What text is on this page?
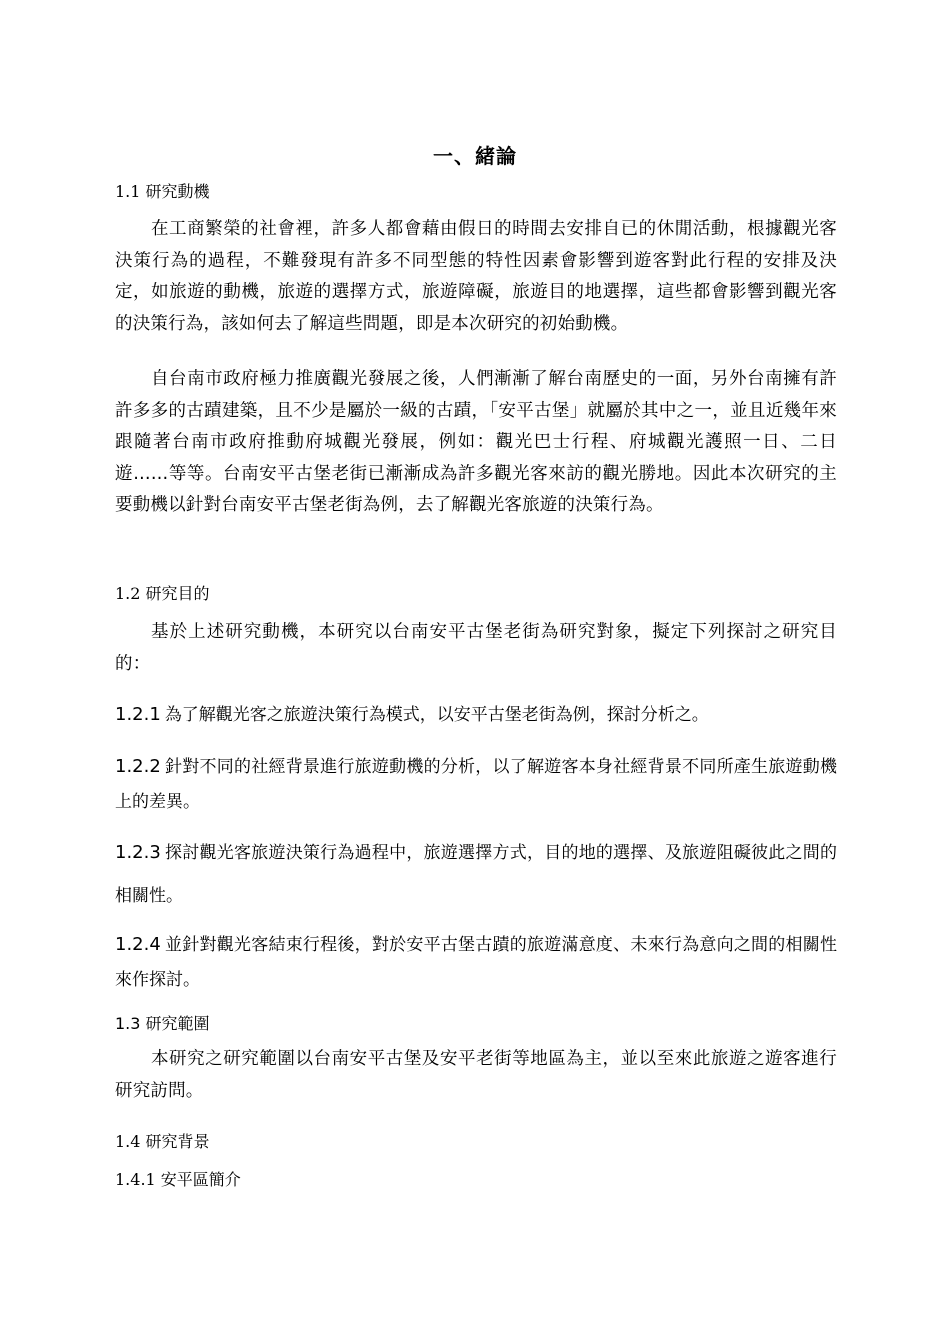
一、緒論
1.1 研究動機

在工商繁榮的社會裡，許多人都會藉由假日的時間去安排自已的休閒活動，根據觀光客決策行為的過程，不難發現有許多不同型態的特性因素會影響到遊客對此行程的安排及決定，如旅遊的動機，旅遊的選擇方式，旅遊障礙，旅遊目的地選擇，這些都會影響到觀光客的決策行為，該如何去了解這些問題，即是本次研究的初始動機。

自台南市政府極力推廣觀光發展之後，人們漸漸了解台南歷史的一面，另外台南擁有許許多多的古蹟建築，且不少是屬於一級的古蹟，「安平古堡」就屬於其中之一，並且近幾年來跟隨著台南市政府推動府城觀光發展，例如：觀光巴士行程、府城觀光護照一日、二日遊……等等。台南安平古堡老街已漸漸成為許多觀光客來訪的觀光勝地。因此本次研究的主要動機以針對台南安平古堡老街為例，去了解觀光客旅遊的決策行為。

1.2 研究目的

基於上述研究動機，本研究以台南安平古堡老街為研究對象，擬定下列探討之研究目的：

1.2.1 為了解觀光客之旅遊決策行為模式，以安平古堡老街為例，探討分析之。

1.2.2 針對不同的社經背景進行旅遊動機的分析，以了解遊客本身社經背景不同所產生旅遊動機上的差異。

1.2.3 探討觀光客旅遊決策行為過程中，旅遊選擇方式，目的地的選擇、及旅遊阻礙彼此之間的相關性。

1.2.4 並針對觀光客結束行程後，對於安平古堡古蹟的旅遊滿意度、未來行為意向之間的相關性來作探討。

1.3 研究範圍

本研究之研究範圍以台南安平古堡及安平老街等地區為主，並以至來此旅遊之遊客進行研究訪問。

1.4 研究背景
1.4.1 安平區簡介
